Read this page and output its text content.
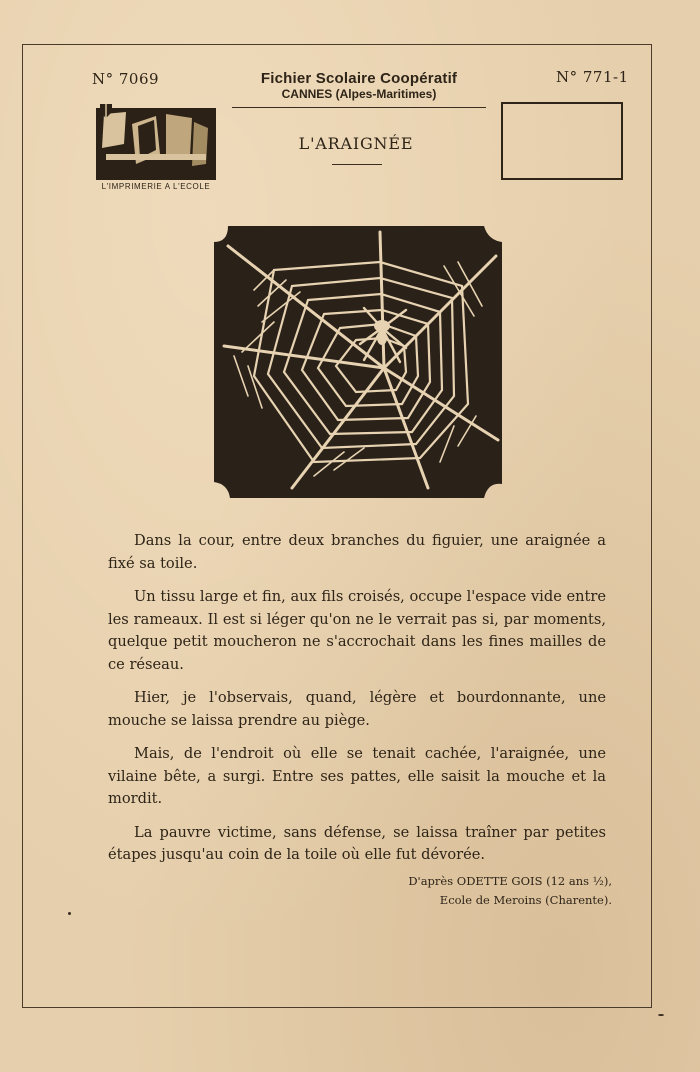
N° 7069	N° 771-1
Fichier Scolaire Coopératif
CANNES (Alpes-Maritimes)
L'IMPRIMERIE A L'ECOLE
L'ARAIGNÉE

Dans la cour, entre deux branches du figuier, une araignée a fixé sa toile.

Un tissu large et fin, aux fils croisés, occupe l'espace vide entre les rameaux. Il est si léger qu'on ne le verrait pas si, par moments, quelque petit moucheron ne s'accrochait dans les fines mailles de ce réseau.

Hier, je l'observais, quand, légère et bourdonnante, une mouche se laissa prendre au piège.

Mais, de l'endroit où elle se tenait cachée, l'araignée, une vilaine bête, a surgi. Entre ses pattes, elle saisit la mouche et la mordit.

La pauvre victime, sans défense, se laissa traîner par petites étapes jusqu'au coin de la toile où elle fut dévorée.

D'après ODETTE GOIS (12 ans ½),
Ecole de Meroins (Charente).
